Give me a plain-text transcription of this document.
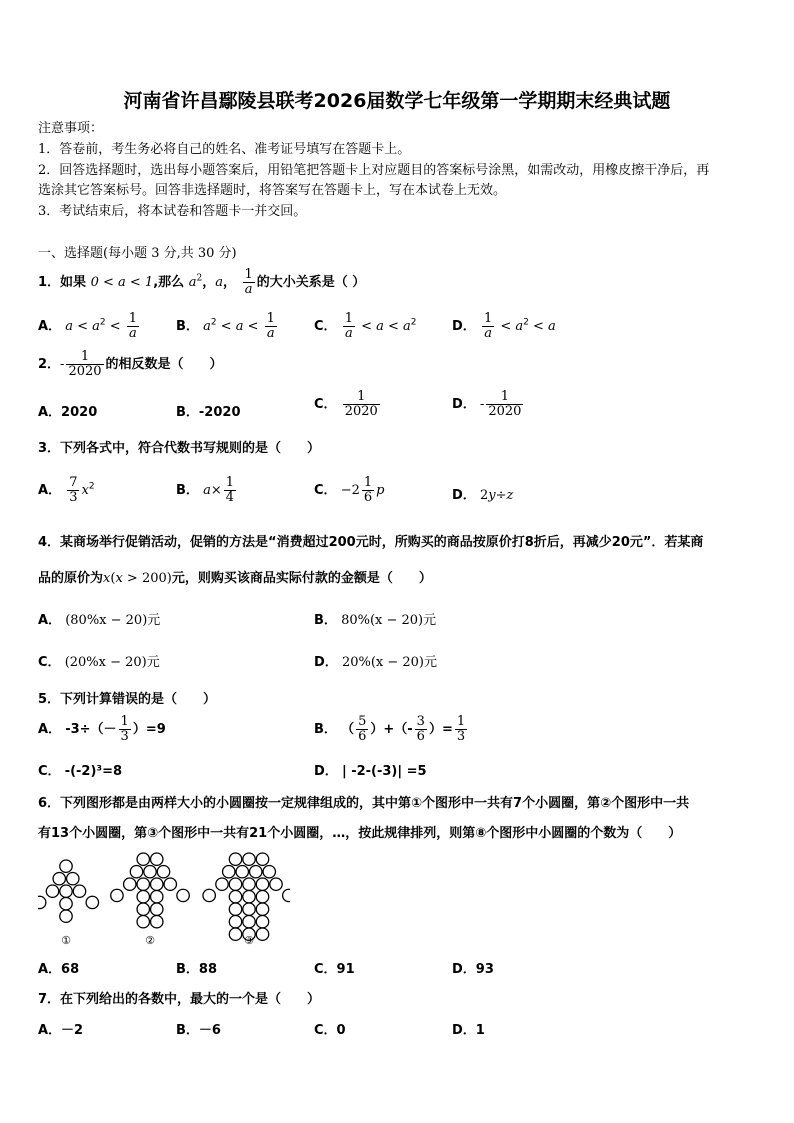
河南省许昌鄢陵县联考2026届数学七年级第一学期期末经典试题
注意事项：
1．答卷前，考生务必将自己的姓名、准考证号填写在答题卡上。
2．回答选择题时，选出每小题答案后，用铅笔把答题卡上对应题目的答案标号涂黑，如需改动，用橡皮擦干净后，再
选涂其它答案标号。回答非选择题时，将答案写在答题卡上，写在本试卷上无效。
3．考试结束后，将本试卷和答题卡一并交回。
一、选择题(每小题 3 分,共 30 分)
1．如果 0 < a < 1,那么 $a^2$，a， $\frac{1}{a}$ 的大小关系是（ ）
A． $a < a^2 < \frac{1}{a}$	B． $a^2 < a < \frac{1}{a}$	C． $\frac{1}{a} < a < a^2$	D． $\frac{1}{a} < a^2 < a$
2．- $\frac{1}{2020}$ 的相反数是（　　）
A．2020	B．-2020
C． $\frac{1}{2020}$	D． - $\frac{1}{2020}$
3．下列各式中，符合代数书写规则的是（　　）
A． $\frac{7}{3} x^2$	B． $a\times \frac{1}{4}$	C． $-2 \frac{1}{6}$ p	D． 2y÷z
4．某商场举行促销活动，促销的方法是“消费超过200元时，所购买的商品按原价打8折后，再减少20元”．若某商
品的原价为x(x > 200)元，则购买该商品实际付款的金额是（　　）
A． (80%x − 20)元	B． 80%(x − 20)元
C． (20%x − 20)元	D． 20%(x − 20)元
5．下列计算错误的是（　　）
A． $-3\div(- \frac{1}{3} )=9$	B． （ $\frac{5}{6}$ ）+（- $\frac{3}{6}$ ）= $\frac{1}{3}$
C． -(-2)³=8	D． | -2-(-3)| =5
6．下列图形都是由两样大小的小圆圈按一定规律组成的，其中第①个图形中一共有7个小圆圈，第②个图形中一共
有13个小圆圈，第③个图形中一共有21个小圆圈，…，按此规律排列，则第⑧个图形中小圆圈的个数为（　　）
①	②	③
A．68	B．88	C．91	D．93
7．在下列给出的各数中，最大的一个是（　　）
A．－2	B．－6	C．0	D．1
